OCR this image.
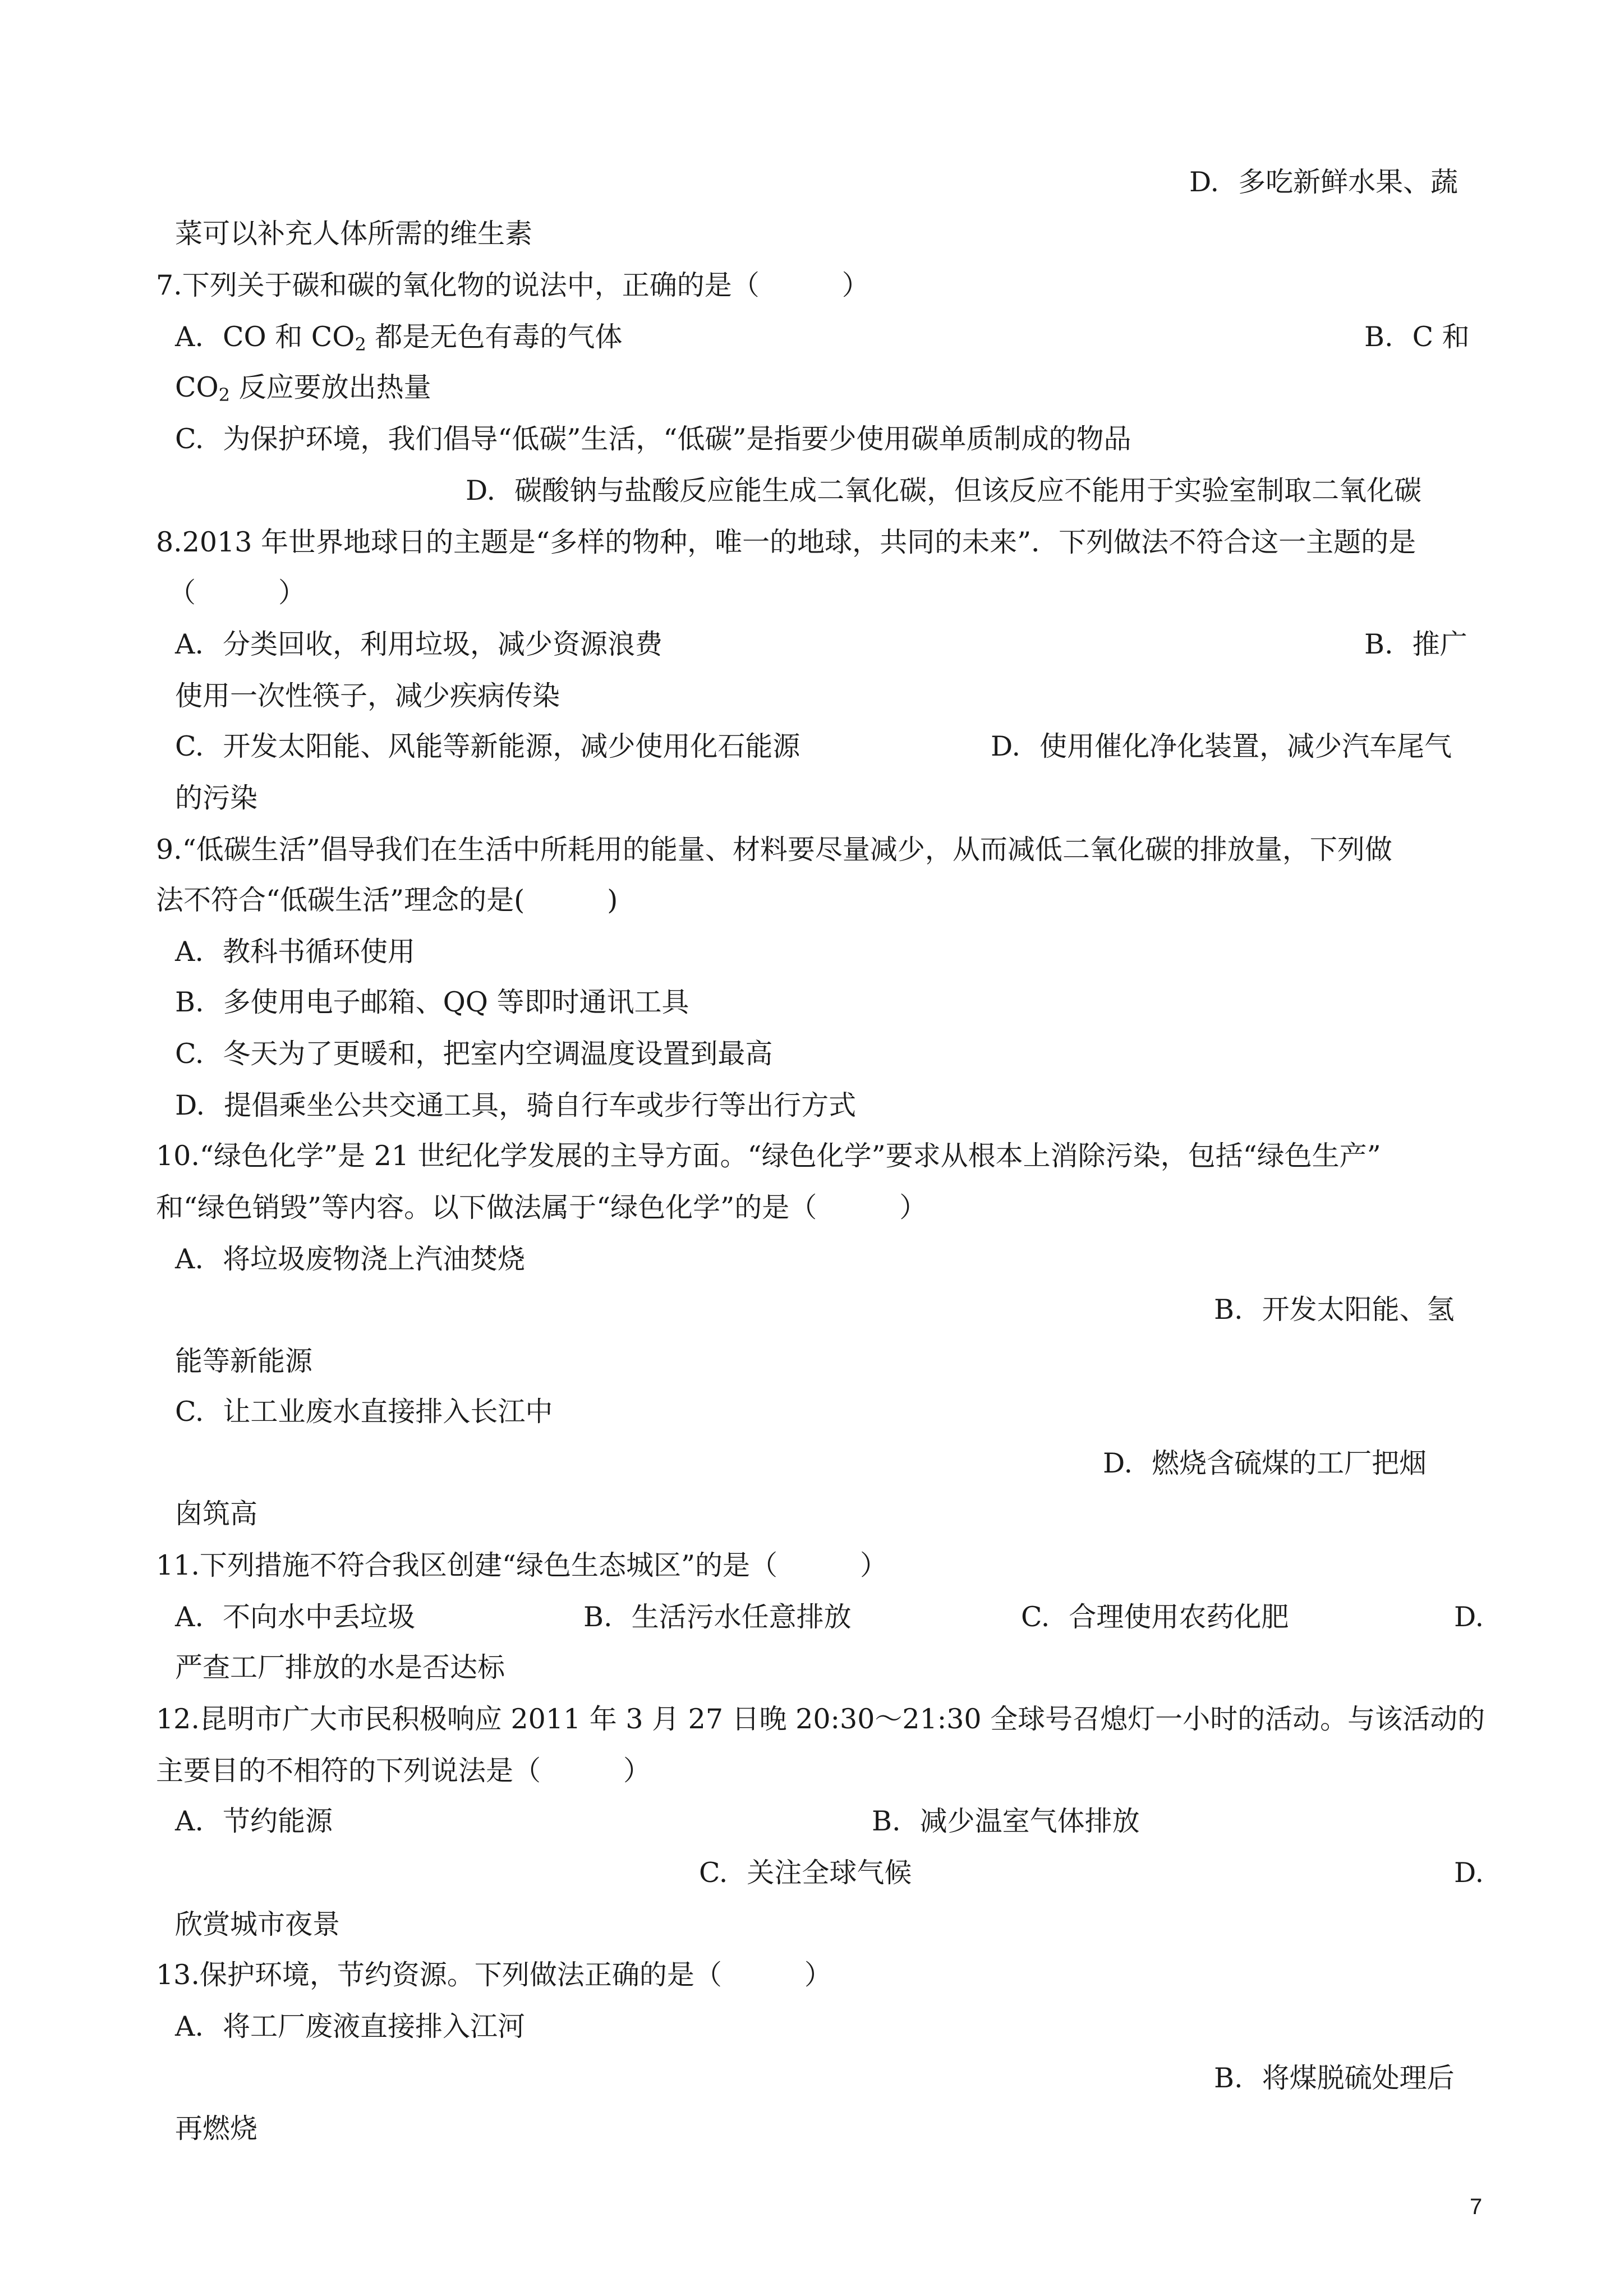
D. 多吃新鲜水果、蔬
菜可以补充人体所需的维生素
7.下列关于碳和碳的氧化物的说法中，正确的是（　　　）
A. CO 和 $CO_2$ 都是无色有毒的气体	B. C 和
$CO_2$ 反应要放出热量
C. 为保护环境，我们倡导“低碳”生活，“低碳”是指要少使用碳单质制成的物品
D. 碳酸钠与盐酸反应能生成二氧化碳，但该反应不能用于实验室制取二氧化碳
8.2013 年世界地球日的主题是“多样的物种，唯一的地球，共同的未来”．下列做法不符合这一主题的是
（　　　）
A. 分类回收，利用垃圾，减少资源浪费	B. 推广
使用一次性筷子，减少疾病传染
C. 开发太阳能、风能等新能源，减少使用化石能源	D. 使用催化净化装置，减少汽车尾气
的污染
9.“低碳生活”倡导我们在生活中所耗用的能量、材料要尽量减少，从而减低二氧化碳的排放量，下列做
法不符合“低碳生活”理念的是(　　　)
A. 教科书循环使用
B. 多使用电子邮箱、QQ 等即时通讯工具
C. 冬天为了更暖和，把室内空调温度设置到最高
D. 提倡乘坐公共交通工具，骑自行车或步行等出行方式
10.“绿色化学”是 21 世纪化学发展的主导方面。“绿色化学”要求从根本上消除污染，包括“绿色生产”
和“绿色销毁”等内容。以下做法属于“绿色化学”的是（　　　）
A. 将垃圾废物浇上汽油焚烧
B. 开发太阳能、氢
能等新能源
C. 让工业废水直接排入长江中
D. 燃烧含硫煤的工厂把烟
囱筑高
11.下列措施不符合我区创建“绿色生态城区”的是（　　　）
A. 不向水中丢垃圾	B. 生活污水任意排放	C. 合理使用农药化肥	D.
严查工厂排放的水是否达标
12.昆明市广大市民积极响应 2011 年 3 月 27 日晚 20:30～21:30 全球号召熄灯一小时的活动。与该活动的
主要目的不相符的下列说法是（　　　）
A. 节约能源	B. 减少温室气体排放
C. 关注全球气候	D.
欣赏城市夜景
13.保护环境，节约资源。下列做法正确的是（　　　）
A. 将工厂废液直接排入江河
B. 将煤脱硫处理后
再燃烧
7
